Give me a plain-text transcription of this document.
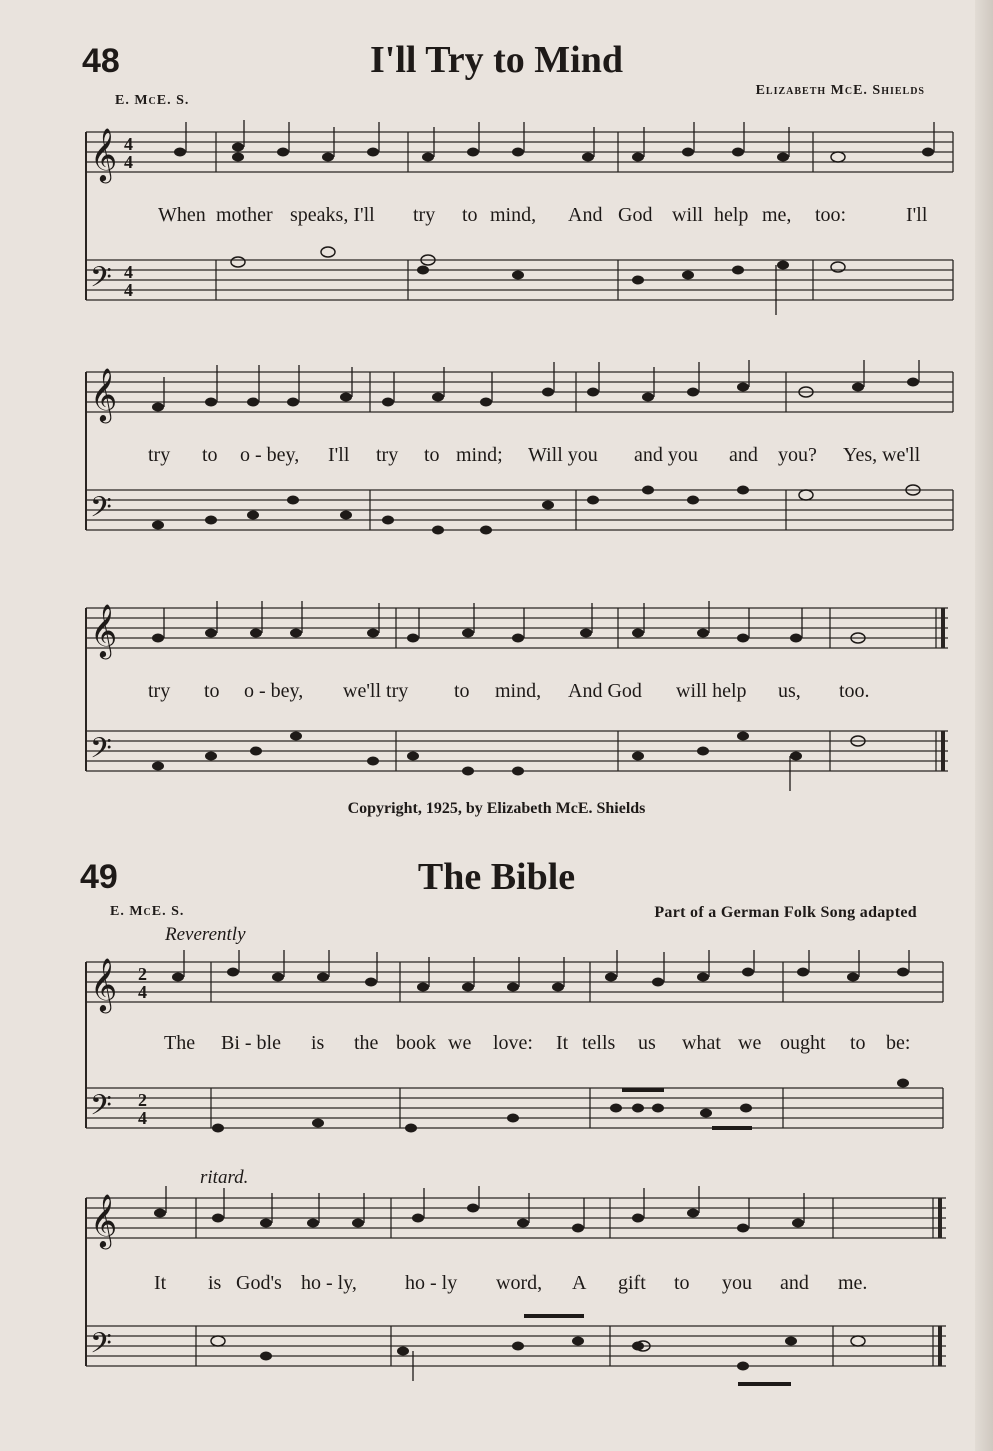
48	I'll Try to Mind
E. McE. S.
Elizabeth McE. Shields
𝄞
𝄢
4
4
4
4
When mother speaks, I'll try to mind, And God will help me, too:	I'll
𝄞
𝄢
try to o - bey, I'll try to mind; Will you and you and you? Yes, we'll
𝄞
𝄢
try to o - bey, we'll try to mind, And God will help us, too.
Copyright, 1925, by Elizabeth McE. Shields
49	The Bible
E. McE. S.	Part of a German Folk Song adapted
Reverently
𝄞
𝄢
2
4
2
4
The Bi - ble is the book we love: It tells us what we ought to be:
ritard.
𝄞
𝄢
It is God's ho - ly, ho - ly word, A gift to you and me.
